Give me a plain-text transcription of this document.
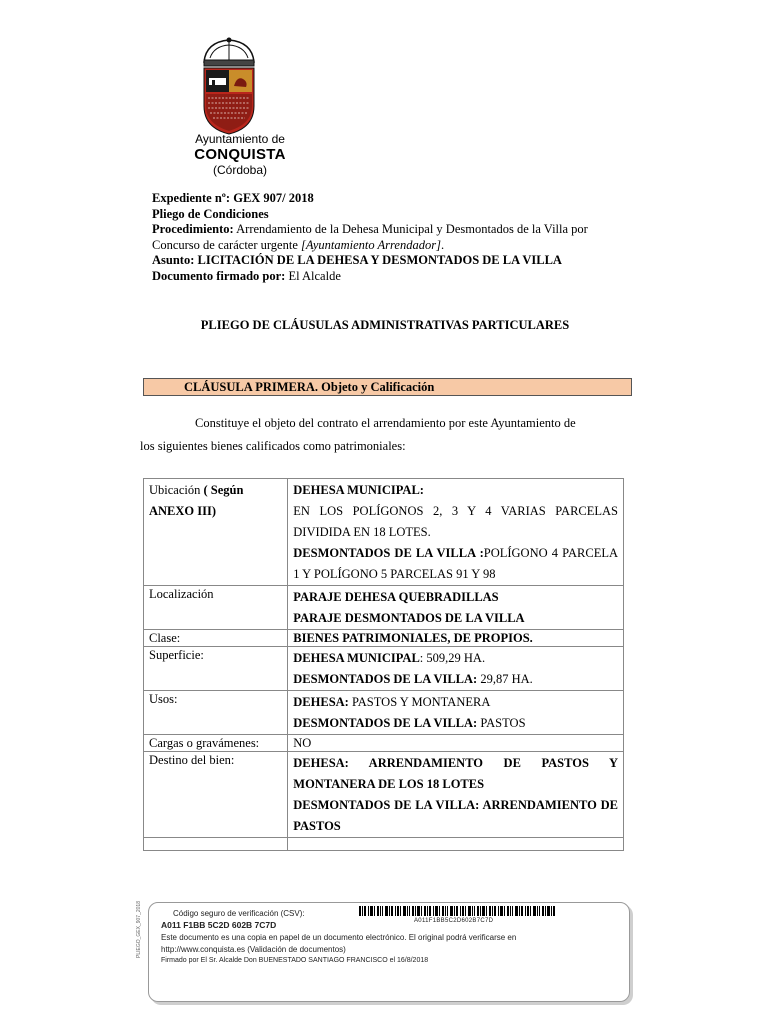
Ayuntamiento de
CONQUISTA
(Córdoba)
Expediente nº: GEX 907/ 2018
Pliego de Condiciones
Procedimiento: Arrendamiento de la Dehesa Municipal y Desmontados de la Villa por Concurso de carácter urgente [Ayuntamiento Arrendador].
Asunto: LICITACIÓN DE LA DEHESA Y DESMONTADOS DE LA VILLA
Documento firmado por: El Alcalde
PLIEGO DE CLÁUSULAS ADMINISTRATIVAS PARTICULARES
CLÁUSULA PRIMERA. Objeto y Calificación
Constituye el objeto del contrato el arrendamiento por este Ayuntamiento de
los siguientes bienes calificados como patrimoniales:
Ubicación ( Según
ANEXO III)	DEHESA MUNICIPAL:
EN LOS POLÍGONOS 2, 3 Y 4 VARIAS PARCELAS DIVIDIDA EN 18 LOTES.
DESMONTADOS DE LA VILLA :POLÍGONO 4 PARCELA 1 Y POLÍGONO 5 PARCELAS 91 Y 98
Localización	PARAJE DEHESA QUEBRADILLAS
PARAJE DESMONTADOS DE LA VILLA
Clase:	BIENES PATRIMONIALES, DE PROPIOS.
Superficie:	DEHESA MUNICIPAL: 509,29 HA.
DESMONTADOS DE LA VILLA: 29,87 HA.
Usos:	DEHESA: PASTOS Y MONTANERA
DESMONTADOS DE LA VILLA: PASTOS
Cargas o gravámenes:	NO
Destino del bien:	DEHESA: ARRENDAMIENTO DE PASTOS Y MONTANERA DE LOS 18 LOTES
DESMONTADOS DE LA VILLA: ARRENDAMIENTO DE PASTOS

Código seguro de verificación (CSV):
A011 F1BB 5C2D 602B 7C7D	A011F1BB5C2D602B7C7D
Este documento es una copia en papel de un documento electrónico. El original podrá verificarse en http://www.conquista.es (Validación de documentos)
Firmado por El Sr. Alcalde Don BUENESTADO SANTIAGO FRANCISCO el 16/8/2018
PLIEGO_GEX_907_2018
